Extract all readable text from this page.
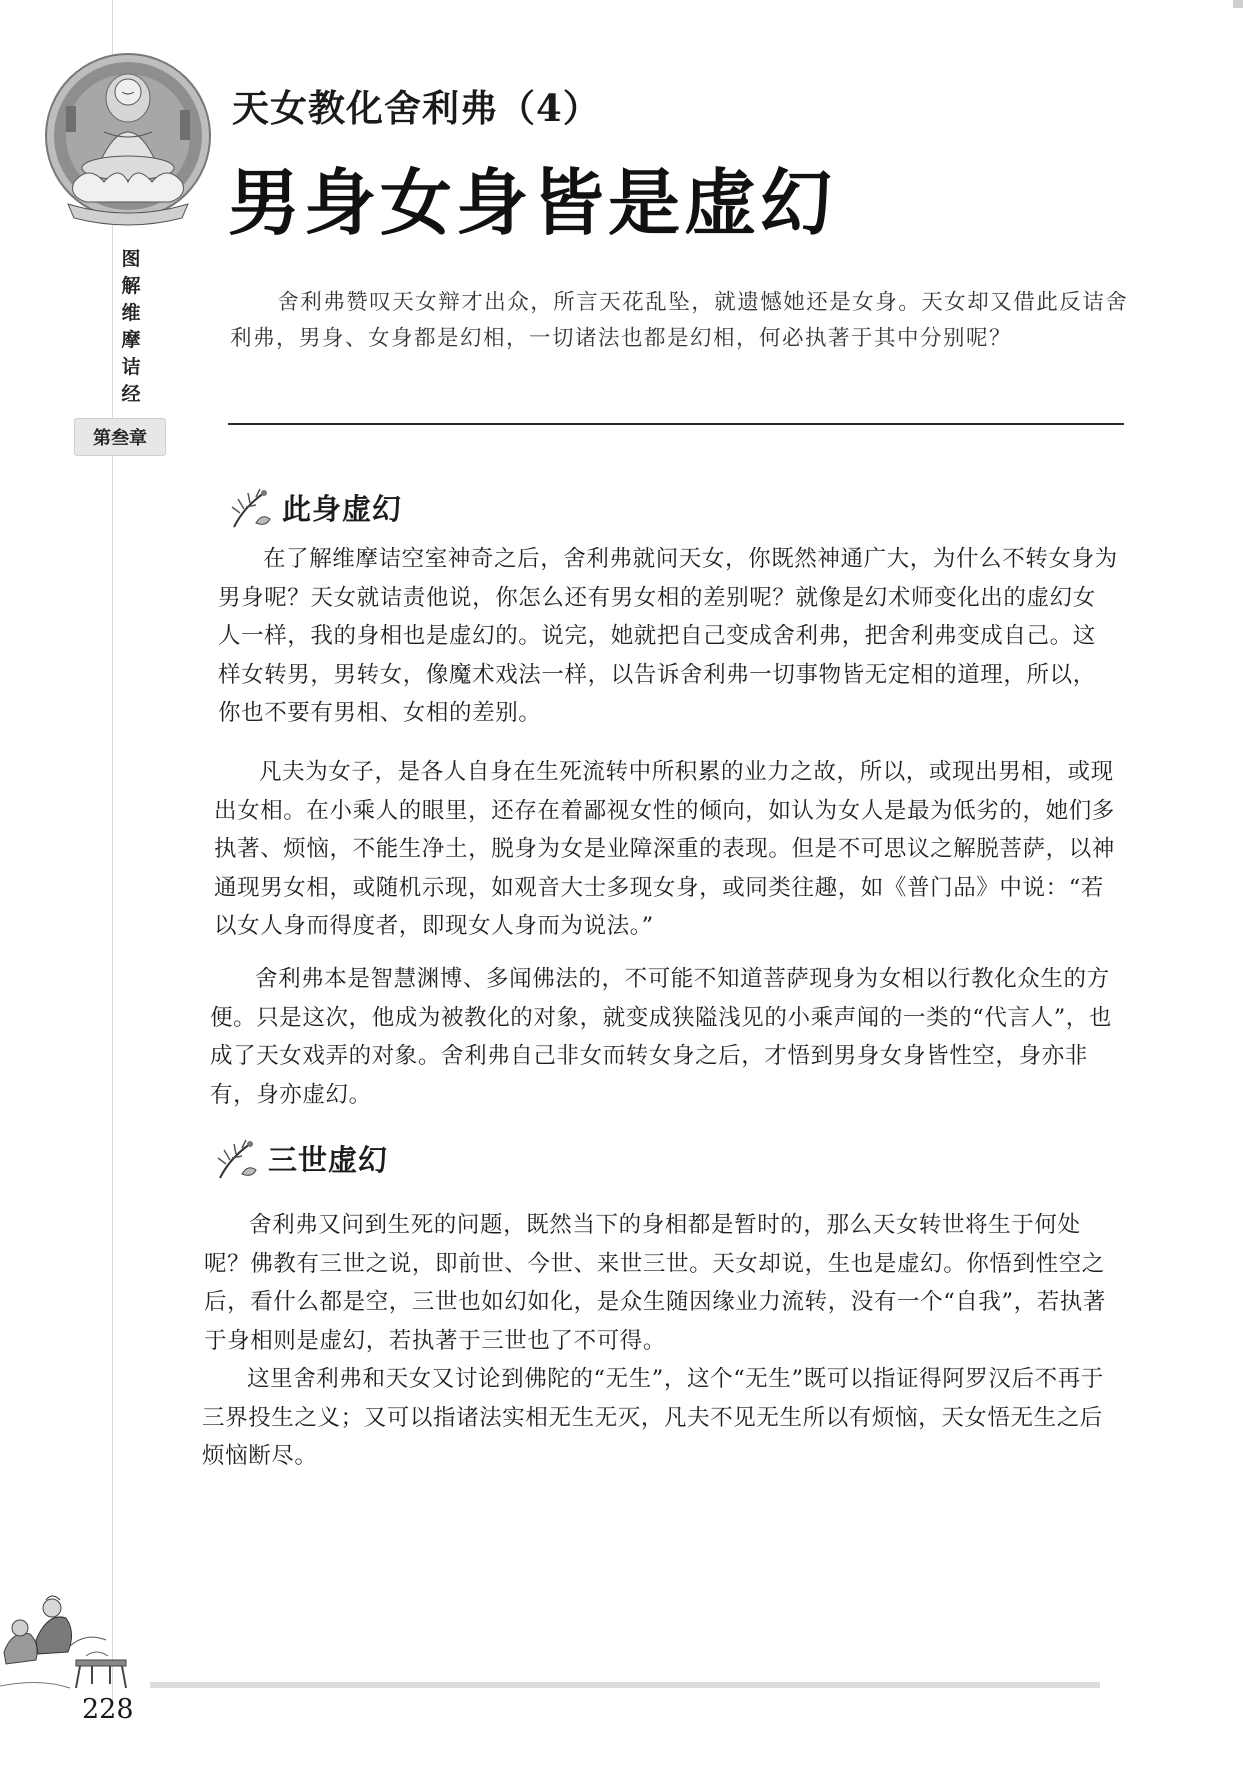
图
解
维
摩
诘
经
第叁章
天女教化舍利弗（4）
男身女身皆是虚幻

舍利弗赞叹天女辩才出众，所言天花乱坠，就遗憾她还是女身。天女却又借此反诘舍利弗，男身、女身都是幻相，一切诸法也都是幻相，何必执著于其中分别呢？

此身虚幻

在了解维摩诘空室神奇之后，舍利弗就问天女，你既然神通广大，为什么不转女身为男身呢？天女就诘责他说，你怎么还有男女相的差别呢？就像是幻术师变化出的虚幻女人一样，我的身相也是虚幻的。说完，她就把自己变成舍利弗，把舍利弗变成自己。这样女转男，男转女，像魔术戏法一样，以告诉舍利弗一切事物皆无定相的道理，所以，你也不要有男相、女相的差别。

凡夫为女子，是各人自身在生死流转中所积累的业力之故，所以，或现出男相，或现出女相。在小乘人的眼里，还存在着鄙视女性的倾向，如认为女人是最为低劣的，她们多执著、烦恼，不能生净土，脱身为女是业障深重的表现。但是不可思议之解脱菩萨，以神通现男女相，或随机示现，如观音大士多现女身，或同类往趣，如《普门品》中说：“若以女人身而得度者，即现女人身而为说法。”

舍利弗本是智慧渊博、多闻佛法的，不可能不知道菩萨现身为女相以行教化众生的方便。只是这次，他成为被教化的对象，就变成狭隘浅见的小乘声闻的一类的“代言人”，也成了天女戏弄的对象。舍利弗自己非女而转女身之后，才悟到男身女身皆性空，身亦非有，身亦虚幻。

三世虚幻

舍利弗又问到生死的问题，既然当下的身相都是暂时的，那么天女转世将生于何处呢？佛教有三世之说，即前世、今世、来世三世。天女却说，生也是虚幻。你悟到性空之后，看什么都是空，三世也如幻如化，是众生随因缘业力流转，没有一个“自我”，若执著于身相则是虚幻，若执著于三世也了不可得。

这里舍利弗和天女又讨论到佛陀的“无生”，这个“无生”既可以指证得阿罗汉后不再于三界投生之义；又可以指诸法实相无生无灭，凡夫不见无生所以有烦恼，天女悟无生之后烦恼断尽。

228
